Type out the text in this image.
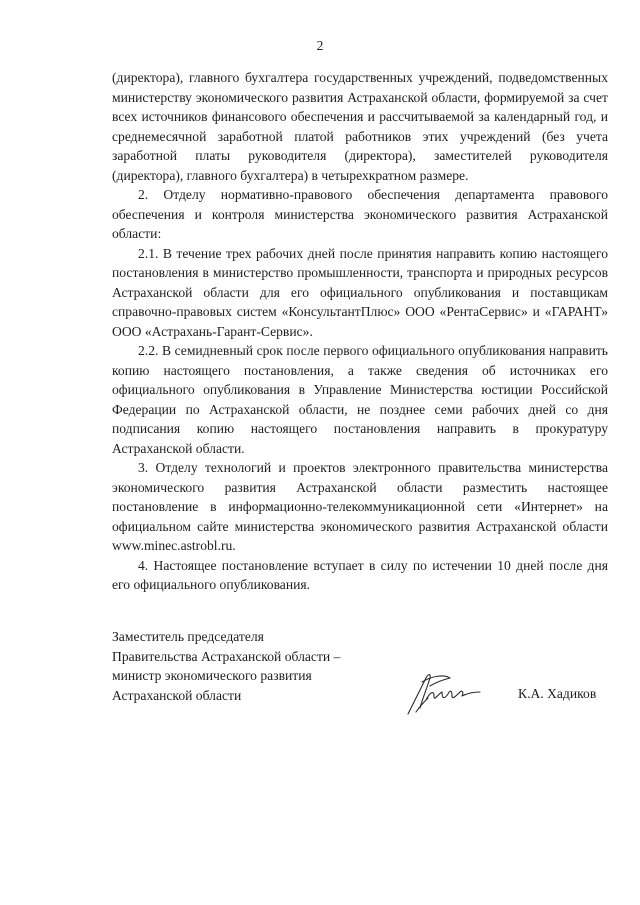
2

(директора), главного бухгалтера государственных учреждений, подведомственных министерству экономического развития Астраханской области, формируемой за счет всех источников финансового обеспечения и рассчитываемой за календарный год, и среднемесячной заработной платой работников этих учреждений (без учета заработной платы руководителя (директора), заместителей руководителя (директора), главного бухгалтера) в четырехкратном размере.

2. Отделу нормативно-правового обеспечения департамента правового обеспечения и контроля министерства экономического развития Астраханской области:

2.1. В течение трех рабочих дней после принятия направить копию настоящего постановления в министерство промышленности, транспорта и природных ресурсов Астраханской области для его официального опубликования и поставщикам справочно-правовых систем «КонсультантПлюс» ООО «РентаСервис» и «ГАРАНТ» ООО «Астрахань-Гарант-Сервис».

2.2. В семидневный срок после первого официального опубликования направить копию настоящего постановления, а также сведения об источниках его официального опубликования в Управление Министерства юстиции Российской Федерации по Астраханской области, не позднее семи рабочих дней со дня подписания копию настоящего постановления направить в прокуратуру Астраханской области.

3. Отделу технологий и проектов электронного правительства министерства экономического развития Астраханской области разместить настоящее постановление в информационно-телекоммуникационной сети «Интернет» на официальном сайте министерства экономического развития Астраханской области www.minec.astrobl.ru.

4. Настоящее постановление вступает в силу по истечении 10 дней после дня его официального опубликования.

Заместитель председателя
Правительства Астраханской области –
министр экономического развития
Астраханской области	К.А. Хадиков
